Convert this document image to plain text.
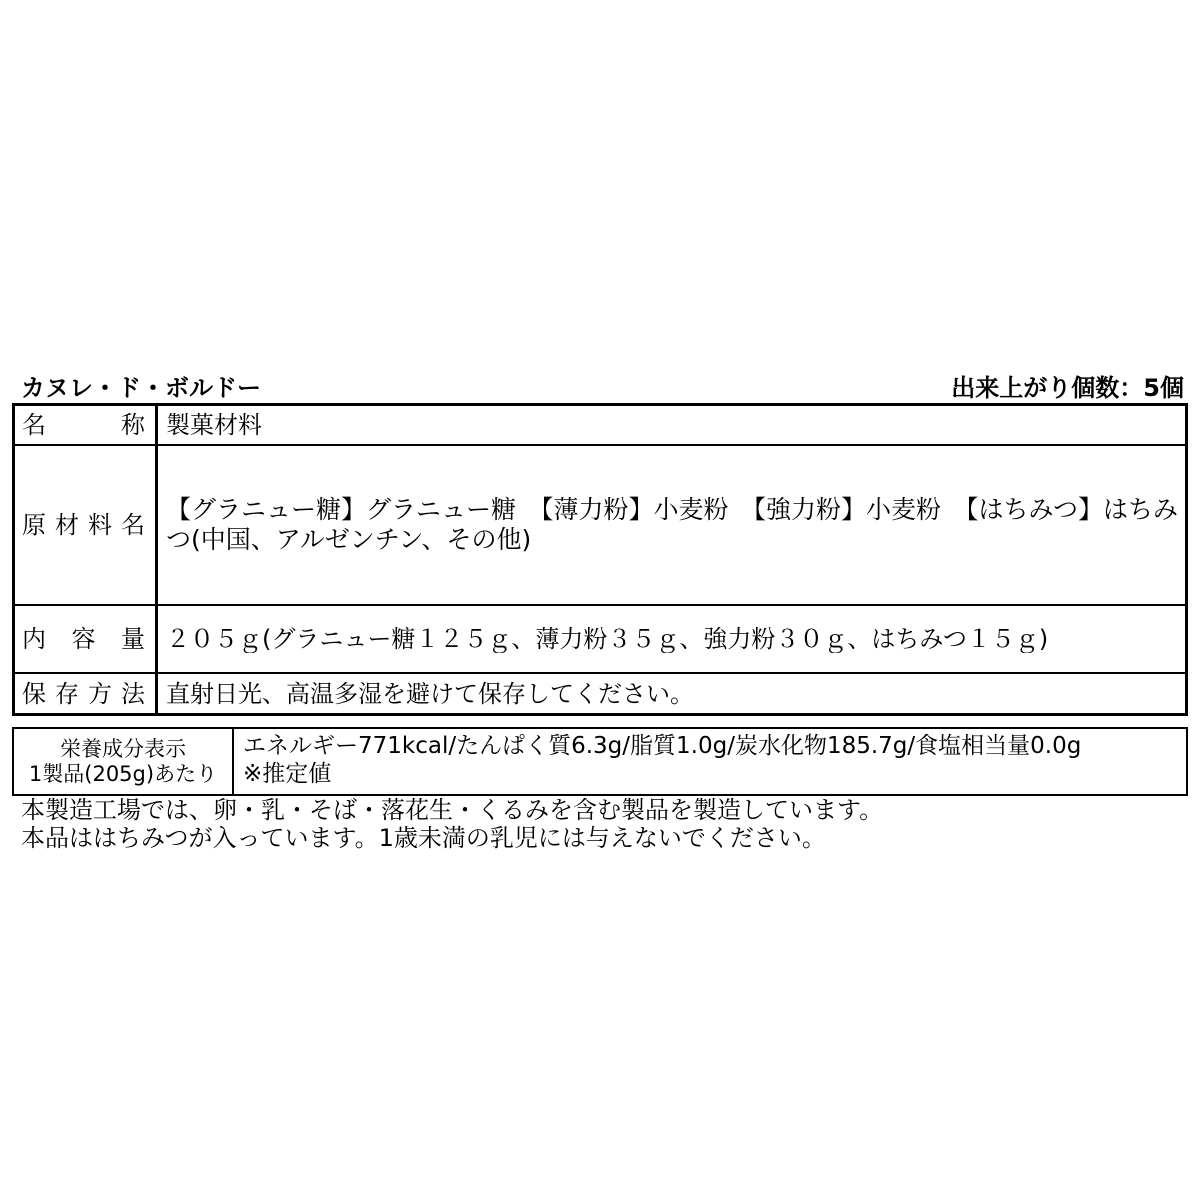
カヌレ・ド・ボルドー	出来上がり個数：5個
名称 製菓材料
原材料名
【グラニュー糖】グラニュー糖　【薄力粉】小麦粉　【強力粉】小麦粉　【はちみつ】はちみつ(中国、アルゼンチン、その他)
内容量 ２０５ｇ(グラニュー糖１２５ｇ、薄力粉３５ｇ、強力粉３０ｇ、はちみつ１５ｇ)
保存方法 直射日光、高温多湿を避けて保存してください。
栄養成分表示
1製品(205g)あたり
エネルギー771kcal/たんぱく質6.3g/脂質1.0g/炭水化物185.7g/食塩相当量0.0g
※推定値
本製造工場では、卵・乳・そば・落花生・くるみを含む製品を製造しています。
本品ははちみつが入っています。1歳未満の乳児には与えないでください。
